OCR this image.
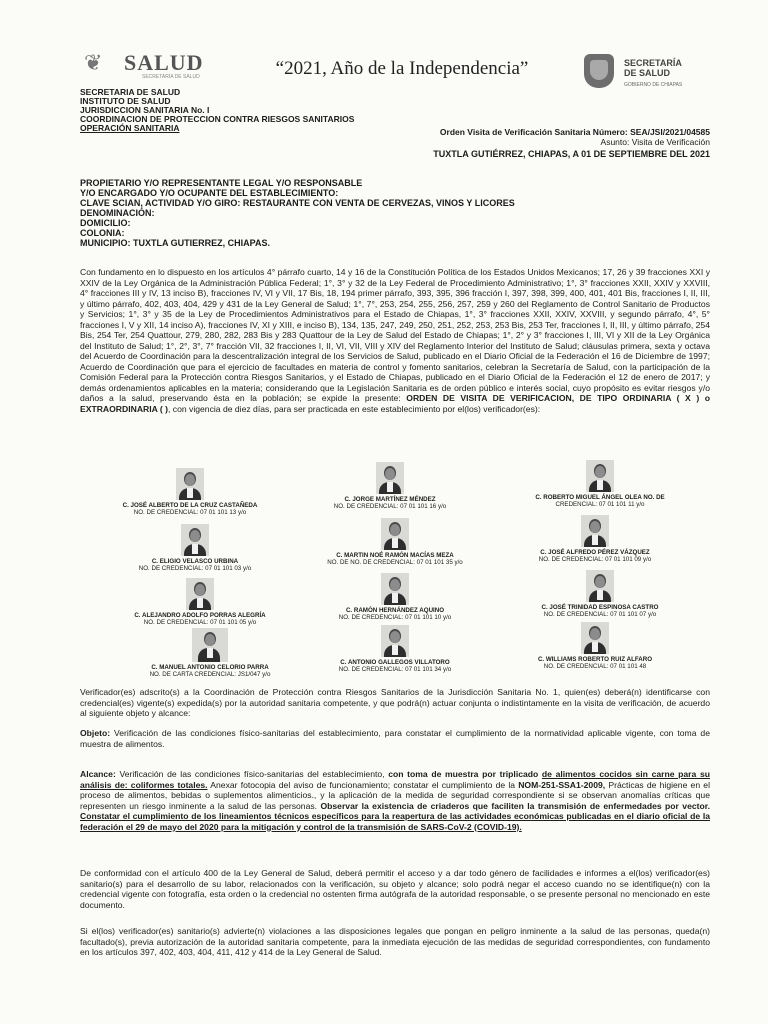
❦ SALUD
SECRETARÍA DE SALUD	“2021, Año de la Independencia”	SECRETARÍA
DE SALUD
GOBIERNO DE CHIAPAS
SECRETARIA DE SALUD
INSTITUTO DE SALUD
JURISDICCION SANITARIA No. I
COORDINACION DE PROTECCION CONTRA RIESGOS SANITARIOS
OPERACIÓN SANITARIA	Orden Visita de Verificación Sanitaria Número: SEA/JSI/2021/04585
Asunto: Visita de Verificación
TUXTLA GUTIÉRREZ, CHIAPAS, A 01 DE SEPTIEMBRE DEL 2021
PROPIETARIO Y/O REPRESENTANTE LEGAL Y/O RESPONSABLE
Y/O ENCARGADO Y/O OCUPANTE DEL ESTABLECIMIENTO:
CLAVE SCIAN, ACTIVIDAD Y/O GIRO: RESTAURANTE CON VENTA DE CERVEZAS, VINOS Y LICORES
DENOMINACIÓN:
DOMICILIO:
COLONIA:
MUNICIPIO: TUXTLA GUTIERREZ, CHIAPAS.
Con fundamento en lo dispuesto en los artículos 4° párrafo cuarto, 14 y 16 de la Constitución Política de los Estados Unidos Mexicanos; 17, 26 y 39 fracciones XXI y XXIV de la Ley Orgánica de la Administración Pública Federal; 1°, 3° y 32 de la Ley Federal de Procedimiento Administrativo; 1°, 3° fracciones XXII, XXIV y XXVIII, 4° fracciones III y IV, 13 inciso B), fracciones IV, VI y VII, 17 Bis, 18, 194 primer párrafo, 393, 395, 396 fracción I, 397, 398, 399, 400, 401, 401 Bis, fracciones I, II, III, y último párrafo, 402, 403, 404, 429 y 431 de la Ley General de Salud; 1°, 7°, 253, 254, 255, 256, 257, 259 y 260 del Reglamento de Control Sanitario de Productos y Servicios; 1°, 3° y 35 de la Ley de Procedimientos Administrativos para el Estado de Chiapas, 1°, 3° fracciones XXII, XXIV, XXVIII, y segundo párrafo, 4°, 5° fracciones I, V y XII, 14 inciso A), fracciones IV, XI y XIII, e inciso B), 134, 135, 247, 249, 250, 251, 252, 253, 253 Bis, 253 Ter, fracciones I, II, III, y último párrafo, 254 Bis, 254 Ter, 254 Quattour, 279, 280, 282, 283 Bis y 283 Quattour de la Ley de Salud del Estado de Chiapas; 1°, 2° y 3° fracciones I, III, VI y XII de la Ley Orgánica del Instituto de Salud; 1°, 2°, 3°, 7° fracción VII, 32 fracciones I, II, VI, VII, VIII y XIV del Reglamento Interior del Instituto de Salud; cláusulas primera, sexta y octava del Acuerdo de Coordinación para la descentralización integral de los Servicios de Salud, publicado en el Diario Oficial de la Federación el 16 de Diciembre de 1997; Acuerdo de Coordinación que para el ejercicio de facultades en materia de control y fomento sanitarios, celebran la Secretaría de Salud, con la participación de la Comisión Federal para la Protección contra Riesgos Sanitarios, y el Estado de Chiapas, publicado en el Diario Oficial de la Federación el 12 de enero de 2017; y demás ordenamientos aplicables en la materia; considerando que la Legislación Sanitaria es de orden público e interés social, cuyo propósito es evitar riesgos y/o daños a la salud, preservando ésta en la población; se expide la presente: ORDEN DE VISITA DE VERIFICACION, DE TIPO ORDINARIA ( X ) o EXTRAORDINARIA ( ), con vigencia de diez días, para ser practicada en este establecimiento por el(los) verificador(es):
C. JOSÉ ALBERTO DE LA CRUZ CASTAÑEDA
NO. DE CREDENCIAL: 07 01 101 13 y/o
C. JORGE MARTÍNEZ MÉNDEZ
NO. DE CREDENCIAL: 07 01 101 16 y/o
C. ROBERTO MIGUEL ÁNGEL OLEA NO. DE
CREDENCIAL: 07 01 101 11 y/o
C. ELIGIO VELASCO URBINA
NO. DE CREDENCIAL: 07 01 101 03 y/o
C. MARTIN NOÉ RAMÓN MACÍAS MEZA
NO. DE NO. DE CREDENCIAL: 07 01 101 35 y/o
C. JOSÉ ALFREDO PÉREZ VÁZQUEZ
NO. DE CREDENCIAL: 07 01 101 09 y/o
C. ALEJANDRO ADOLFO PORRAS ALEGRÍA
NO. DE CREDENCIAL: 07 01 101 05 y/o
C. RAMÓN HERNÁNDEZ AQUINO
NO. DE CREDENCIAL: 07 01 101 10 y/o
C. JOSÉ TRINIDAD ESPINOSA CASTRO
NO. DE CREDENCIAL: 07 01 101 07 y/o
C. MANUEL ANTONIO CELORIO PARRA
NO. DE CARTA CREDENCIAL: JS1/047 y/o
C. ANTONIO GALLEGOS VILLATORO
NO. DE CREDENCIAL: 07 01 101 34 y/o
C. WILLIAMS ROBERTO RUIZ ALFARO
NO. DE CREDENCIAL: 07 01 101 48
Verificador(es) adscrito(s) a la Coordinación de Protección contra Riesgos Sanitarios de la Jurisdicción Sanitaria No. 1, quien(es) deberá(n) identificarse con credencial(es) vigente(s) expedida(s) por la autoridad sanitaria competente, y que podrá(n) actuar conjunta o indistintamente en la visita de verificación, de acuerdo al siguiente objeto y alcance:
Objeto: Verificación de las condiciones físico-sanitarias del establecimiento, para constatar el cumplimiento de la normatividad aplicable vigente, con toma de muestra de alimentos.
Alcance: Verificación de las condiciones físico-sanitarias del establecimiento, con toma de muestra por triplicado de alimentos cocidos sin carne para su análisis de: coliformes totales. Anexar fotocopia del aviso de funcionamiento; constatar el cumplimiento de la NOM-251-SSA1-2009, Prácticas de higiene en el proceso de alimentos, bebidas o suplementos alimenticios., y la aplicación de la medida de seguridad correspondiente si se observan anomalías críticas que representen un riesgo inminente a la salud de las personas. Observar la existencia de criaderos que faciliten la transmisión de enfermedades por vector. Constatar el cumplimiento de los lineamientos técnicos específicos para la reapertura de las actividades económicas publicadas en el diario oficial de la federación el 29 de mayo del 2020 para la mitigación y control de la transmisión de SARS-CoV-2 (COVID-19).
De conformidad con el artículo 400 de la Ley General de Salud, deberá permitir el acceso y a dar todo género de facilidades e informes a el(los) verificador(es) sanitario(s) para el desarrollo de su labor, relacionados con la verificación, su objeto y alcance; solo podrá negar el acceso cuando no se identifique(n) con la credencial vigente con fotografía, esta orden o la credencial no ostenten firma autógrafa de la autoridad responsable, o se presente personal no mencionado en este documento.
Si el(los) verificador(es) sanitario(s) advierte(n) violaciones a las disposiciones legales que pongan en peligro inminente a la salud de las personas, queda(n) facultado(s), previa autorización de la autoridad sanitaria competente, para la inmediata ejecución de las medidas de seguridad correspondientes, con fundamento en los artículos 397, 402, 403, 404, 411, 412 y 414 de la Ley General de Salud.
